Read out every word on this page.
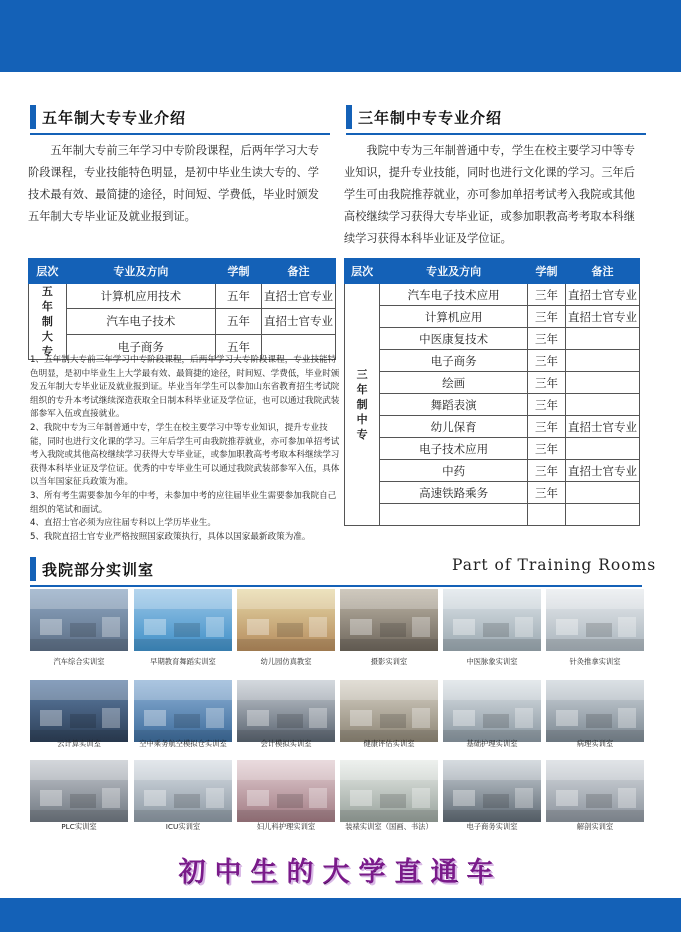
五年制大专专业介绍
五年制大专前三年学习中专阶段课程，后两年学习大专
阶段课程，专业技能特色明显，是初中毕业生读大专的、学
技术最有效、最简捷的途径，时间短、学费低，毕业时颁发
五年制大专毕业证及就业报到证。
三年制中专专业介绍
我院中专为三年制普通中专，学生在校主要学习中等专
业知识，提升专业技能，同时也进行文化课的学习。三年后
学生可由我院推荐就业，亦可参加单招考试考入我院或其他
高校继续学习获得大专毕业证，或参加职教高考考取本科继
续学习获得本科毕业证及学位证。
层次	专业及方向	学制	备注

五年制大专	计算机应用技术	五年	直招士官专业
	汽车电子技术	五年	直招士官专业
	电子商务	五年	
层次	专业及方向	学制	备注

三年制中专	汽车电子技术应用	三年	直招士官专业
	计算机应用	三年	直招士官专业
	中医康复技术	三年	
	电子商务	三年	
	绘画	三年	
	舞蹈表演	三年	
	幼儿保育	三年	直招士官专业
	电子技术应用	三年	
	中药	三年	直招士官专业
	高速铁路乘务	三年	

1、五年制大专前三年学习中专阶段课程，后两年学习大专阶段课程，专业技能特色明显，是初中毕业生上大学最有效、最简捷的途径，时间短、学费低，毕业时颁发五年制大专毕业证及就业报到证。毕业当年学生可以参加山东省教育招生考试院组织的专升本考试继续深造获取全日制本科毕业证及学位证，也可以通过我院武装部参军入伍或直接就业。

2、我院中专为三年制普通中专，学生在校主要学习中等专业知识，提升专业技能，同时也进行文化课的学习。三年后学生可由我院推荐就业，亦可参加单招考试考入我院或其他高校继续学习获得大专毕业证，或参加职教高考考取本科继续学习获得本科毕业证及学位证。优秀的中专毕业生可以通过我院武装部参军入伍，具体以当年国家征兵政策为准。

3、所有考生需要参加今年的中考，未参加中考的应往届毕业生需要参加我院自己组织的笔试和面试。

4、直招士官必须为应往届专科以上学历毕业生。

5、我院直招士官专业严格按照国家政策执行，具体以国家最新政策为准。

我院部分实训室	Part of Training Rooms
汽车综合实训室	早期教育舞蹈实训室	幼儿园仿真教室	摄影实训室	中医脉象实训室	针灸推拿实训室
云计算实训室	空中乘务航空模拟仓实训室	会计模拟实训室	健康评估实训室	基础护理实训室	病理实训室
PLC实训室	ICU实训室	妇儿科护理实训室	装裱实训室（国画、书法）	电子商务实训室	解剖实训室
初中生的大学直通车
